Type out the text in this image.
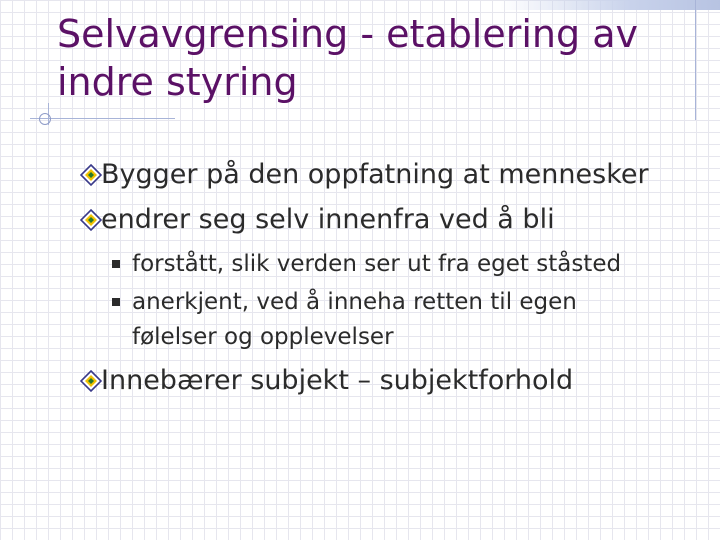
Selvavgrensing - etablering av
indre styring
Bygger på den oppfatning at mennesker
endrer seg selv innenfra ved å bli
forstått, slik verden ser ut fra eget ståsted
anerkjent, ved å inneha retten til egen
følelser og opplevelser
Innebærer subjekt – subjektforhold
